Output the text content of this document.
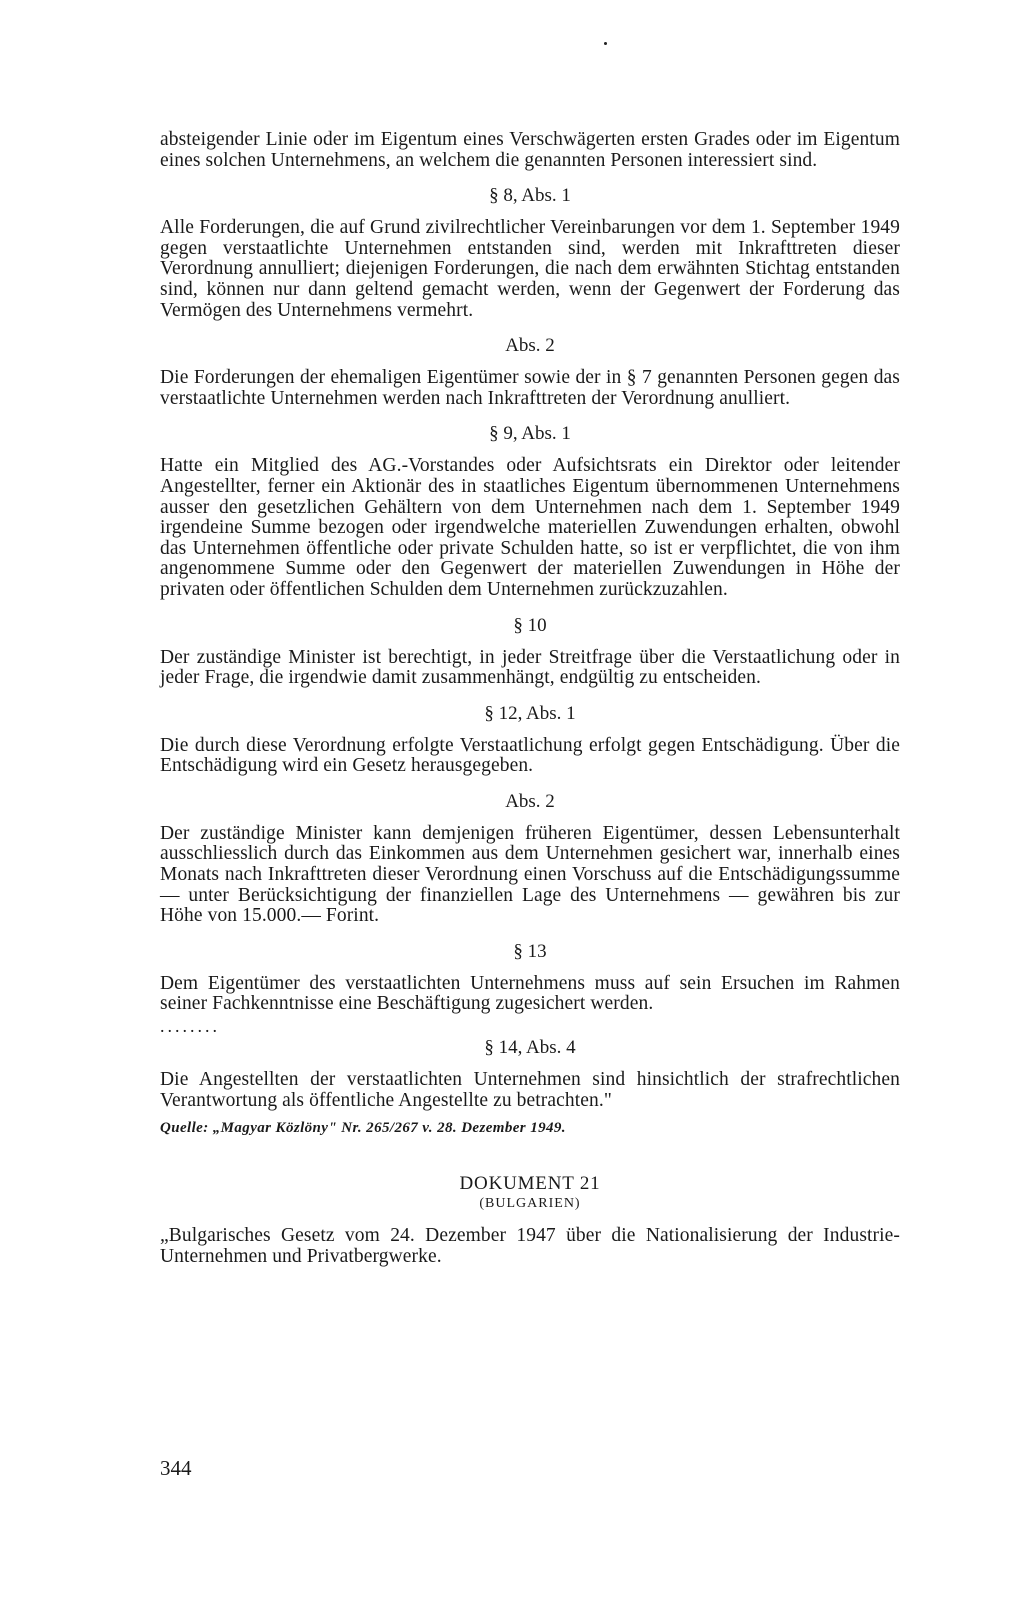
absteigender Linie oder im Eigentum eines Verschwägerten ersten Grades oder im Eigentum eines solchen Unternehmens, an welchem die genannten Personen interessiert sind.

§ 8, Abs. 1

Alle Forderungen, die auf Grund zivilrechtlicher Vereinbarungen vor dem 1. September 1949 gegen verstaatlichte Unternehmen entstanden sind, werden mit Inkrafttreten dieser Verordnung annulliert; diejenigen Forderungen, die nach dem erwähnten Stichtag entstanden sind, können nur dann geltend gemacht werden, wenn der Gegenwert der Forderung das Vermögen des Unternehmens vermehrt.

Abs. 2

Die Forderungen der ehemaligen Eigentümer sowie der in § 7 genannten Personen gegen das verstaatlichte Unternehmen werden nach Inkrafttreten der Verordnung anulliert.

§ 9, Abs. 1

Hatte ein Mitglied des AG.-Vorstandes oder Aufsichtsrats ein Direktor oder leitender Angestellter, ferner ein Aktionär des in staatliches Eigentum übernommenen Unternehmens ausser den gesetzlichen Gehältern von dem Unternehmen nach dem 1. September 1949 irgendeine Summe bezogen oder irgendwelche materiellen Zuwendungen erhalten, obwohl das Unternehmen öffentliche oder private Schulden hatte, so ist er verpflichtet, die von ihm angenommene Summe oder den Gegenwert der materiellen Zuwendungen in Höhe der privaten oder öffentlichen Schulden dem Unternehmen zurückzuzahlen.

§ 10

Der zuständige Minister ist berechtigt, in jeder Streitfrage über die Verstaatlichung oder in jeder Frage, die irgendwie damit zusammenhängt, endgültig zu entscheiden.

§ 12, Abs. 1

Die durch diese Verordnung erfolgte Verstaatlichung erfolgt gegen Entschädigung. Über die Entschädigung wird ein Gesetz herausgegeben.

Abs. 2

Der zuständige Minister kann demjenigen früheren Eigentümer, dessen Lebensunterhalt ausschliesslich durch das Einkommen aus dem Unternehmen gesichert war, innerhalb eines Monats nach Inkrafttreten dieser Verordnung einen Vorschuss auf die Entschädigungssumme — unter Berücksichtigung der finanziellen Lage des Unternehmens — gewähren bis zur Höhe von 15.000.— Forint.

§ 13

Dem Eigentümer des verstaatlichten Unternehmens muss auf sein Ersuchen im Rahmen seiner Fachkenntnisse eine Beschäftigung zugesichert werden.

........
§ 14, Abs. 4

Die Angestellten der verstaatlichten Unternehmen sind hinsichtlich der strafrechtlichen Verantwortung als öffentliche Angestellte zu betrachten."

Quelle: „Magyar Közlöny" Nr. 265/267 v. 28. Dezember 1949.
DOKUMENT 21
(BULGARIEN)

„Bulgarisches Gesetz vom 24. Dezember 1947 über die Nationalisierung der Industrie-Unternehmen und Privatbergwerke.

344
